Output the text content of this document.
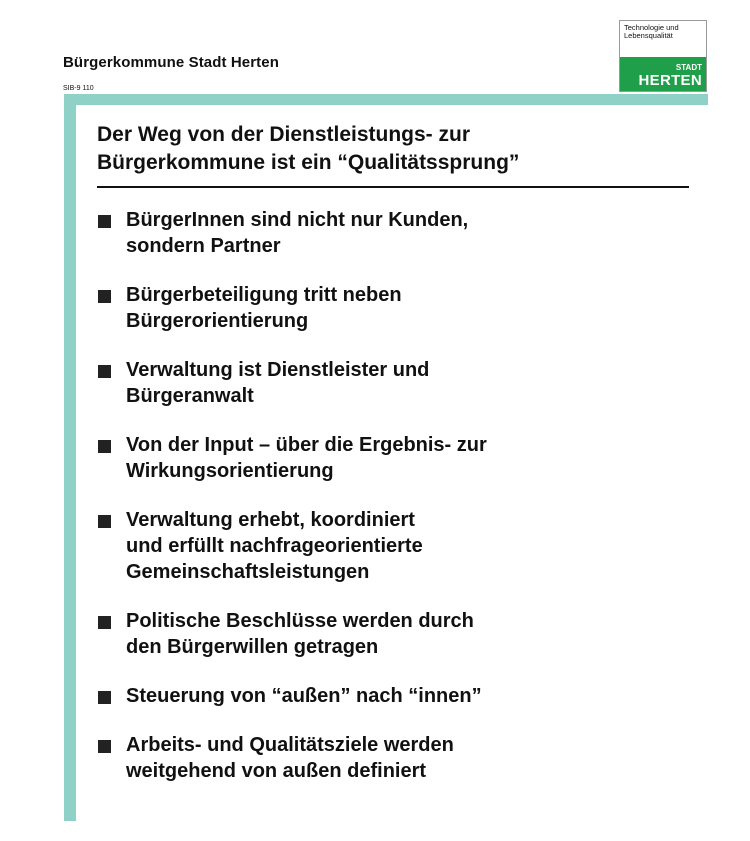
Bürgerkommune Stadt Herten
SIB-9 110
Technologie und
Lebensqualität
STADT
HERTEN
Der Weg von der Dienstleistungs- zur
Bürgerkommune ist ein “Qualitätssprung”
BürgerInnen sind nicht nur Kunden,
sondern Partner
Bürgerbeteiligung tritt neben
Bürgerorientierung
Verwaltung ist Dienstleister und
Bürgeranwalt
Von der Input – über die Ergebnis- zur
Wirkungsorientierung
Verwaltung erhebt, koordiniert
und erfüllt nachfrageorientierte
Gemeinschaftsleistungen
Politische Beschlüsse werden durch
den Bürgerwillen getragen
Steuerung von “außen” nach “innen”
Arbeits- und Qualitätsziele werden
weitgehend von außen definiert
